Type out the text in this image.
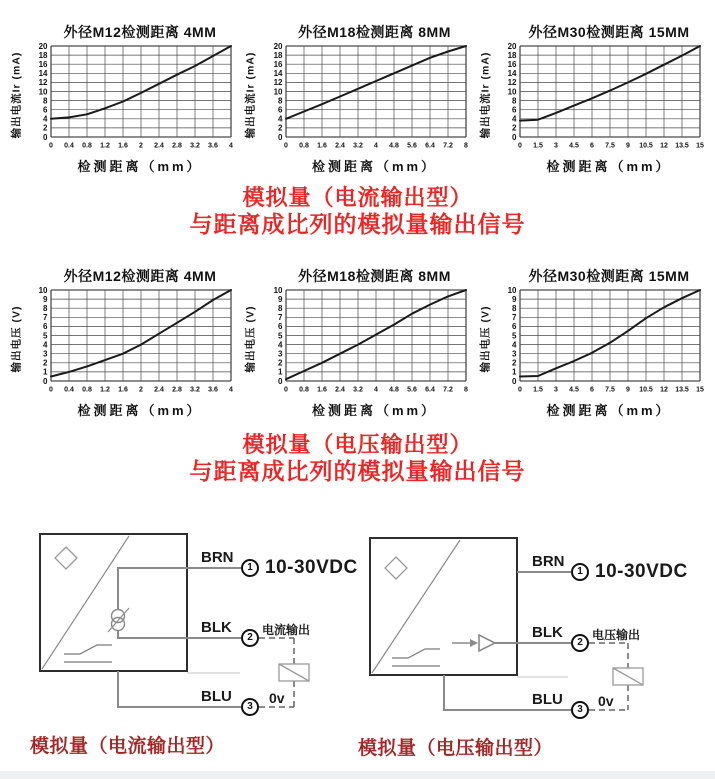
外径M12检测距离 4MM
输出电流Ir (mA)	0
2
4
6
8
10
12
14
16
18
20
0 0.4 0.8 1.2 1.6 2 2.4 2.8 3.2 3.6 4
检测距离（mm）
外径M18检测距离 8MM
输出电流Ir (mA)	0
2
4
6
8
10
12
14
16
18
20
0 0.8 1.6 2.4 3.2 4 4.8 5.6 6.4 7.2 8
检测距离（mm）
外径M30检测距离 15MM
输出电流Ir (mA)	0
2
4
6
8
10
12
14
16
18
20
0 1.5 3 4.5 6 7.5 9 10.5 12 13.5 15
检测距离（mm）
模拟量（电流输出型）
与距离成比列的模拟量输出信号
外径M12检测距离 4MM
输出电压 (V)
0
1
2
3
4
5
6
7
8
9
10
0 0.4 0.8 1.2 1.6 2 2.4 2.8 3.2 3.6 4
检测距离（mm）
外径M18检测距离 8MM
输出电压 (V)
0
1
2
3
4
5
6
7
8
9
10
0 0.8 1.6 2.4 3.2 4 4.8 5.6 6.4 7.2 8
检测距离（mm）
外径M30检测距离 15MM
输出电压 (V)
0
1
2
3
4
5
6
7
8
9
10
0 1.5 3 4.5 6 7.5 9 10.5 12 13.5 15
检测距离（mm）
模拟量（电压输出型）
与距离成比列的模拟量输出信号
BRN
BLK
BLU
1
2
3
10-30VDC
电流输出
0v
BRN
BLK
BLU
1
2
3
10-30VDC
电压输出
0v
模拟量（电流输出型）	模拟量（电压输出型）
